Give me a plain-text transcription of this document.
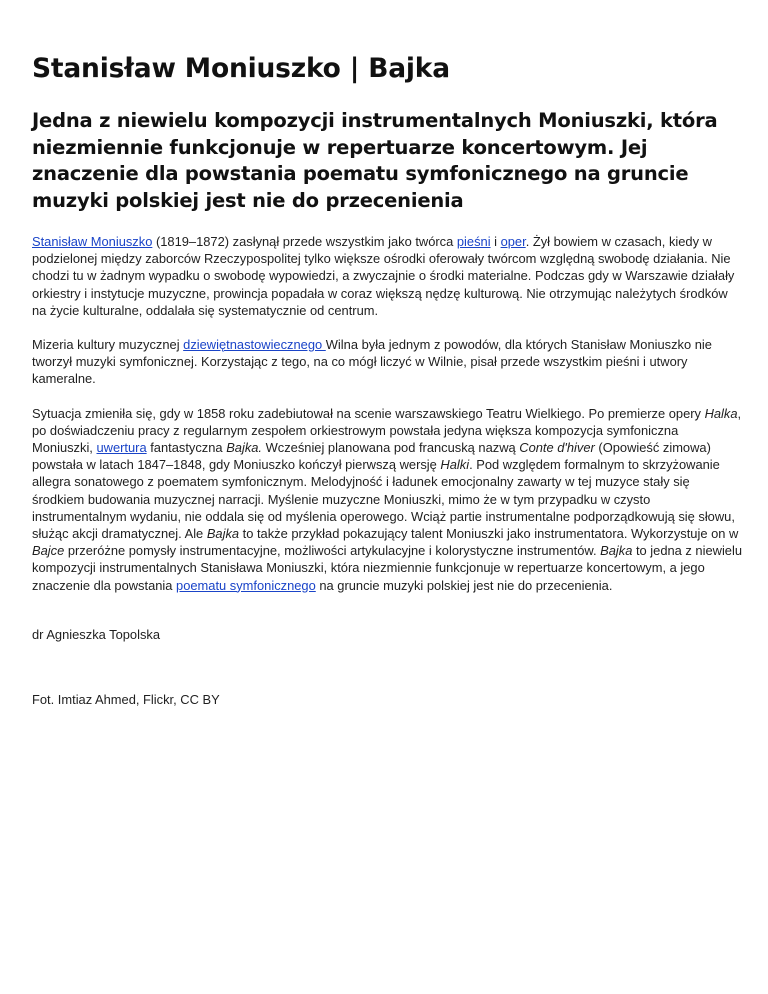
Stanisław Moniuszko | Bajka
Jedna z niewielu kompozycji instrumentalnych Moniuszki, która niezmiennie funkcjonuje w repertuarze koncertowym. Jej znaczenie dla powstania poematu symfonicznego na gruncie muzyki polskiej jest nie do przecenienia

Stanisław Moniuszko (1819–1872) zasłynął przede wszystkim jako twórca pieśni i oper. Żył bowiem w czasach, kiedy w podzielonej między zaborców Rzeczypospolitej tylko większe ośrodki oferowały twórcom względną swobodę działania. Nie chodzi tu w żadnym wypadku o swobodę wypowiedzi, a zwyczajnie o środki materialne. Podczas gdy w Warszawie działały orkiestry i instytucje muzyczne, prowincja popadała w coraz większą nędzę kulturową. Nie otrzymując należytych środków na życie kulturalne, oddalała się systematycznie od centrum.

Mizeria kultury muzycznej dziewiętnastowiecznego Wilna była jednym z powodów, dla których Stanisław Moniuszko nie tworzył muzyki symfonicznej. Korzystając z tego, na co mógł liczyć w Wilnie, pisał przede wszystkim pieśni i utwory kameralne.

Sytuacja zmieniła się, gdy w 1858 roku zadebiutował na scenie warszawskiego Teatru Wielkiego. Po premierze opery Halka, po doświadczeniu pracy z regularnym zespołem orkiestrowym powstała jedyna większa kompozycja symfoniczna Moniuszki, uwertura fantastyczna Bajka. Wcześniej planowana pod francuską nazwą Conte d'hiver (Opowieść zimowa) powstała w latach 1847–1848, gdy Moniuszko kończył pierwszą wersję Halki. Pod względem formalnym to skrzyżowanie allegra sonatowego z poematem symfonicznym. Melodyjność i ładunek emocjonalny zawarty w tej muzyce stały się środkiem budowania muzycznej narracji. Myślenie muzyczne Moniuszki, mimo że w tym przypadku w czysto instrumentalnym wydaniu, nie oddala się od myślenia operowego. Wciąż partie instrumentalne podporządkowują się słowu, służąc akcji dramatycznej. Ale Bajka to także przykład pokazujący talent Moniuszki jako instrumentatora. Wykorzystuje on w Bajce przeróżne pomysły instrumentacyjne, możliwości artykulacyjne i kolorystyczne instrumentów. Bajka to jedna z niewielu kompozycji instrumentalnych Stanisława Moniuszki, która niezmiennie funkcjonuje w repertuarze koncertowym, a jego znaczenie dla powstania poematu symfonicznego na gruncie muzyki polskiej jest nie do przecenienia.

dr Agnieszka Topolska

Fot. Imtiaz Ahmed, Flickr, CC BY
